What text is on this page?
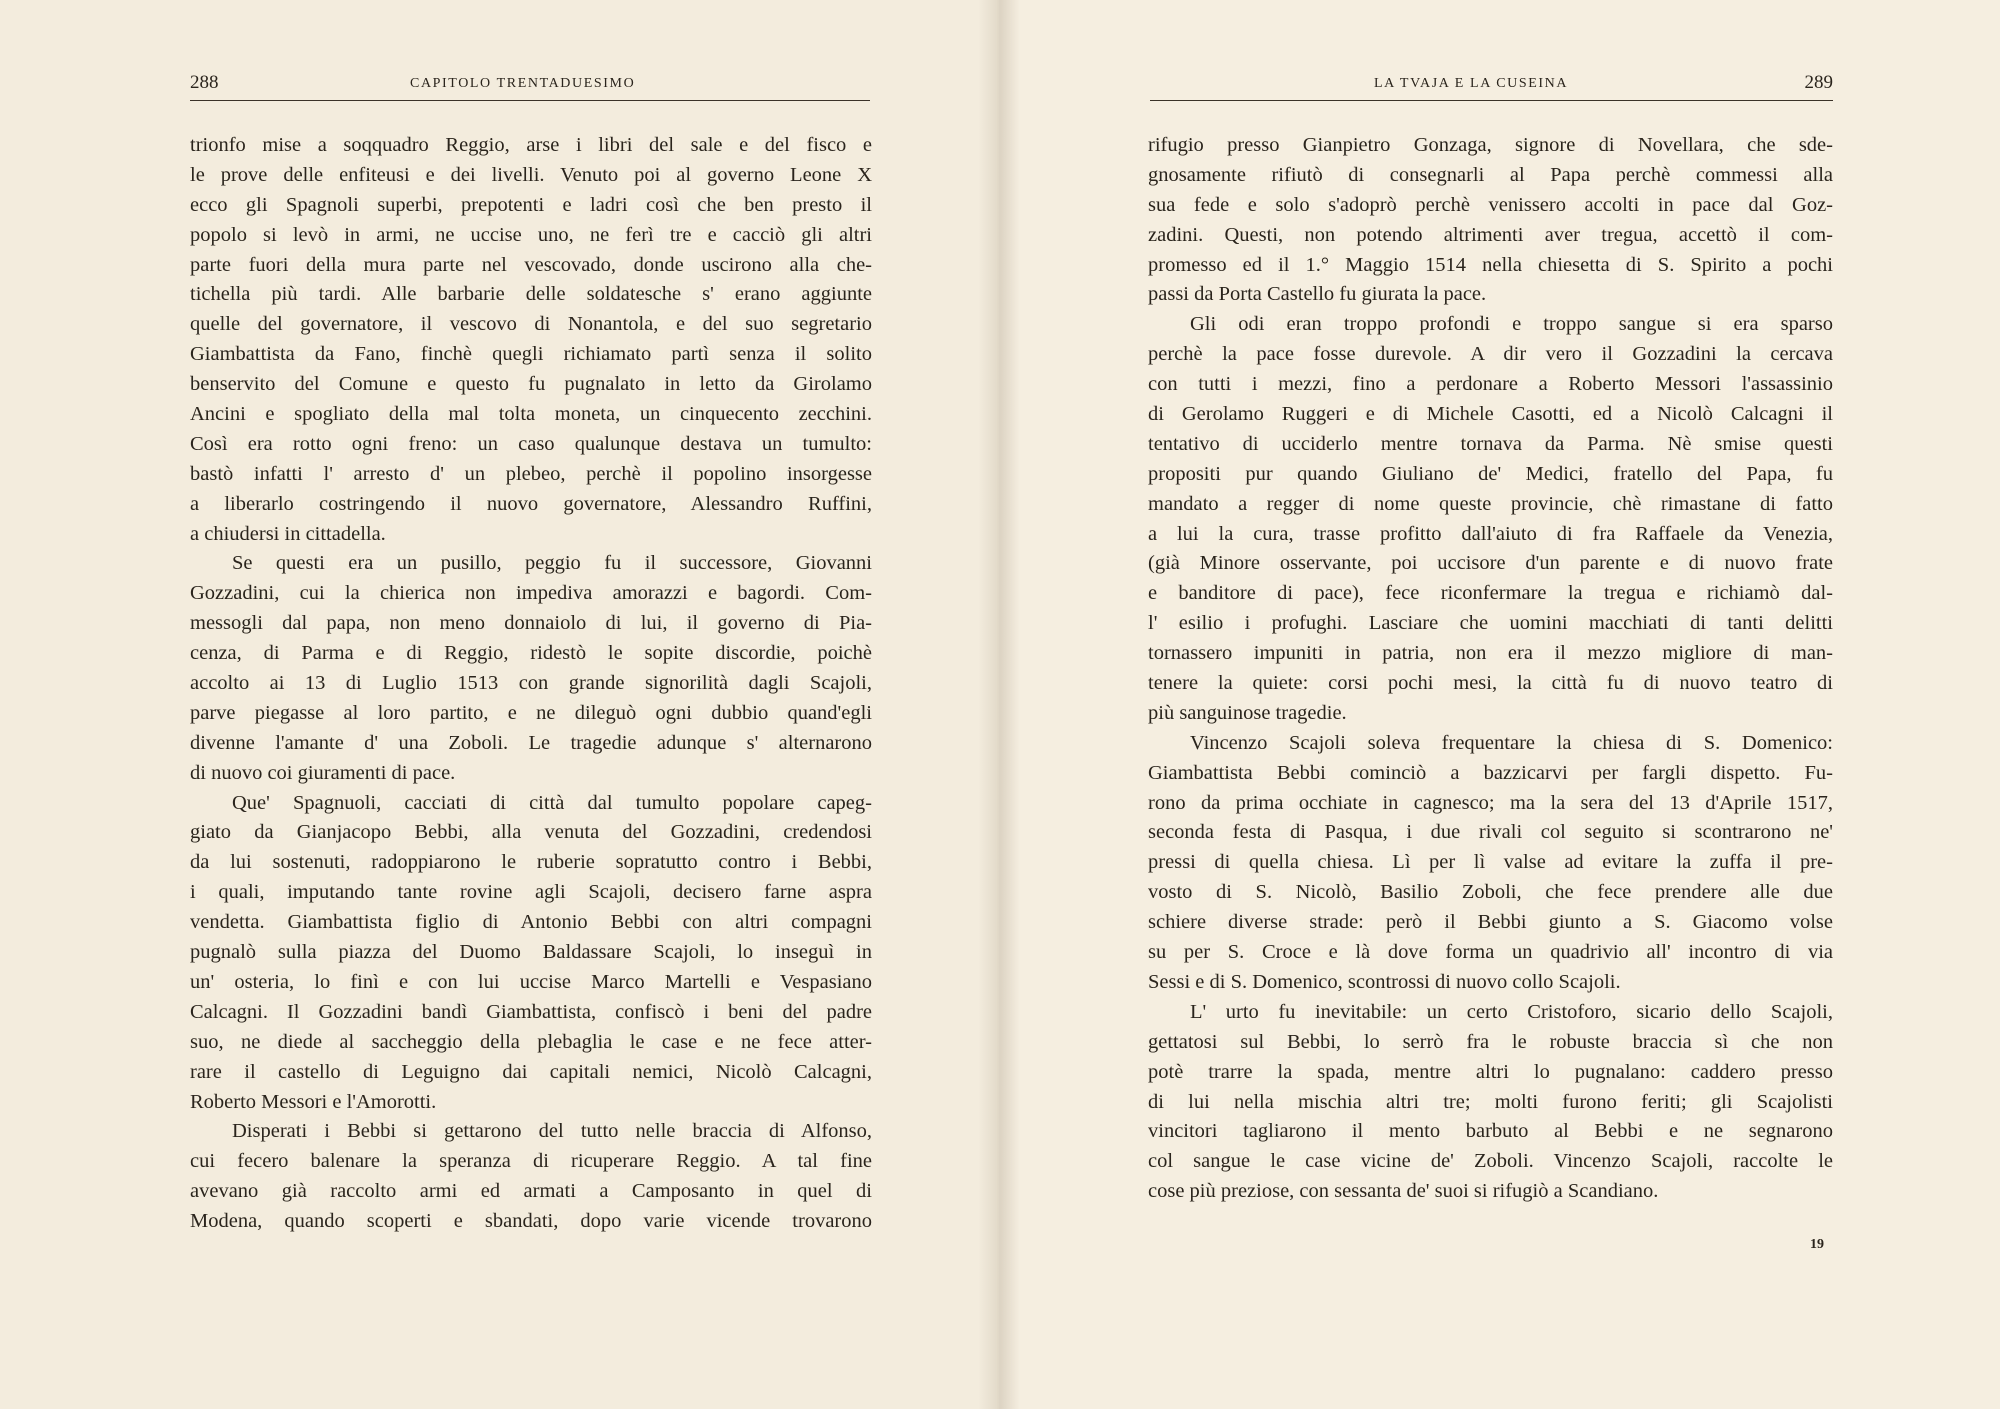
288	CAPITOLO TRENTADUESIMO
trionfo mise a soqquadro Reggio, arse i libri del sale e del fisco e
le prove delle enfiteusi e dei livelli. Venuto poi al governo Leone X
ecco gli Spagnoli superbi, prepotenti e ladri così che ben presto il
popolo si levò in armi, ne uccise uno, ne ferì tre e cacciò gli altri
parte fuori della mura parte nel vescovado, donde uscirono alla che-
tichella più tardi. Alle barbarie delle soldatesche s' erano aggiunte
quelle del governatore, il vescovo di Nonantola, e del suo segretario
Giambattista da Fano, finchè quegli richiamato partì senza il solito
benservito del Comune e questo fu pugnalato in letto da Girolamo
Ancini e spogliato della mal tolta moneta, un cinquecento zecchini.
Così era rotto ogni freno: un caso qualunque destava un tumulto:
bastò infatti l' arresto d' un plebeo, perchè il popolino insorgesse
a liberarlo costringendo il nuovo governatore, Alessandro Ruffini,
a chiudersi in cittadella.
Se questi era un pusillo, peggio fu il successore, Giovanni
Gozzadini, cui la chierica non impediva amorazzi e bagordi. Com-
messogli dal papa, non meno donnaiolo di lui, il governo di Pia-
cenza, di Parma e di Reggio, ridestò le sopite discordie, poichè
accolto ai 13 di Luglio 1513 con grande signorilità dagli Scajoli,
parve piegasse al loro partito, e ne dileguò ogni dubbio quand'egli
divenne l'amante d' una Zoboli. Le tragedie adunque s' alternarono
di nuovo coi giuramenti di pace.
Que' Spagnuoli, cacciati di città dal tumulto popolare capeg-
giato da Gianjacopo Bebbi, alla venuta del Gozzadini, credendosi
da lui sostenuti, radoppiarono le ruberie sopratutto contro i Bebbi,
i quali, imputando tante rovine agli Scajoli, decisero farne aspra
vendetta. Giambattista figlio di Antonio Bebbi con altri compagni
pugnalò sulla piazza del Duomo Baldassare Scajoli, lo inseguì in
un' osteria, lo finì e con lui uccise Marco Martelli e Vespasiano
Calcagni. Il Gozzadini bandì Giambattista, confiscò i beni del padre
suo, ne diede al saccheggio della plebaglia le case e ne fece atter-
rare il castello di Leguigno dai capitali nemici, Nicolò Calcagni,
Roberto Messori e l'Amorotti.
Disperati i Bebbi si gettarono del tutto nelle braccia di Alfonso,
cui fecero balenare la speranza di ricuperare Reggio. A tal fine
avevano già raccolto armi ed armati a Camposanto in quel di
Modena, quando scoperti e sbandati, dopo varie vicende trovarono
LA TVAJA E LA CUSEINA	289
rifugio presso Gianpietro Gonzaga, signore di Novellara, che sde-
gnosamente rifiutò di consegnarli al Papa perchè commessi alla
sua fede e solo s'adoprò perchè venissero accolti in pace dal Goz-
zadini. Questi, non potendo altrimenti aver tregua, accettò il com-
promesso ed il 1.° Maggio 1514 nella chiesetta di S. Spirito a pochi
passi da Porta Castello fu giurata la pace.
Gli odi eran troppo profondi e troppo sangue si era sparso
perchè la pace fosse durevole. A dir vero il Gozzadini la cercava
con tutti i mezzi, fino a perdonare a Roberto Messori l'assassinio
di Gerolamo Ruggeri e di Michele Casotti, ed a Nicolò Calcagni il
tentativo di ucciderlo mentre tornava da Parma. Nè smise questi
propositi pur quando Giuliano de' Medici, fratello del Papa, fu
mandato a regger di nome queste provincie, chè rimastane di fatto
a lui la cura, trasse profitto dall'aiuto di fra Raffaele da Venezia,
(già Minore osservante, poi uccisore d'un parente e di nuovo frate
e banditore di pace), fece riconfermare la tregua e richiamò dal-
l' esilio i profughi. Lasciare che uomini macchiati di tanti delitti
tornassero impuniti in patria, non era il mezzo migliore di man-
tenere la quiete: corsi pochi mesi, la città fu di nuovo teatro di
più sanguinose tragedie.
Vincenzo Scajoli soleva frequentare la chiesa di S. Domenico:
Giambattista Bebbi cominciò a bazzicarvi per fargli dispetto. Fu-
rono da prima occhiate in cagnesco; ma la sera del 13 d'Aprile 1517,
seconda festa di Pasqua, i due rivali col seguito si scontrarono ne'
pressi di quella chiesa. Lì per lì valse ad evitare la zuffa il pre-
vosto di S. Nicolò, Basilio Zoboli, che fece prendere alle due
schiere diverse strade: però il Bebbi giunto a S. Giacomo volse
su per S. Croce e là dove forma un quadrivio all' incontro di via
Sessi e di S. Domenico, scontrossi di nuovo collo Scajoli.
L' urto fu inevitabile: un certo Cristoforo, sicario dello Scajoli,
gettatosi sul Bebbi, lo serrò fra le robuste braccia sì che non
potè trarre la spada, mentre altri lo pugnalano: caddero presso
di lui nella mischia altri tre; molti furono feriti; gli Scajolisti
vincitori tagliarono il mento barbuto al Bebbi e ne segnarono
col sangue le case vicine de' Zoboli. Vincenzo Scajoli, raccolte le
cose più preziose, con sessanta de' suoi si rifugiò a Scandiano.
19
